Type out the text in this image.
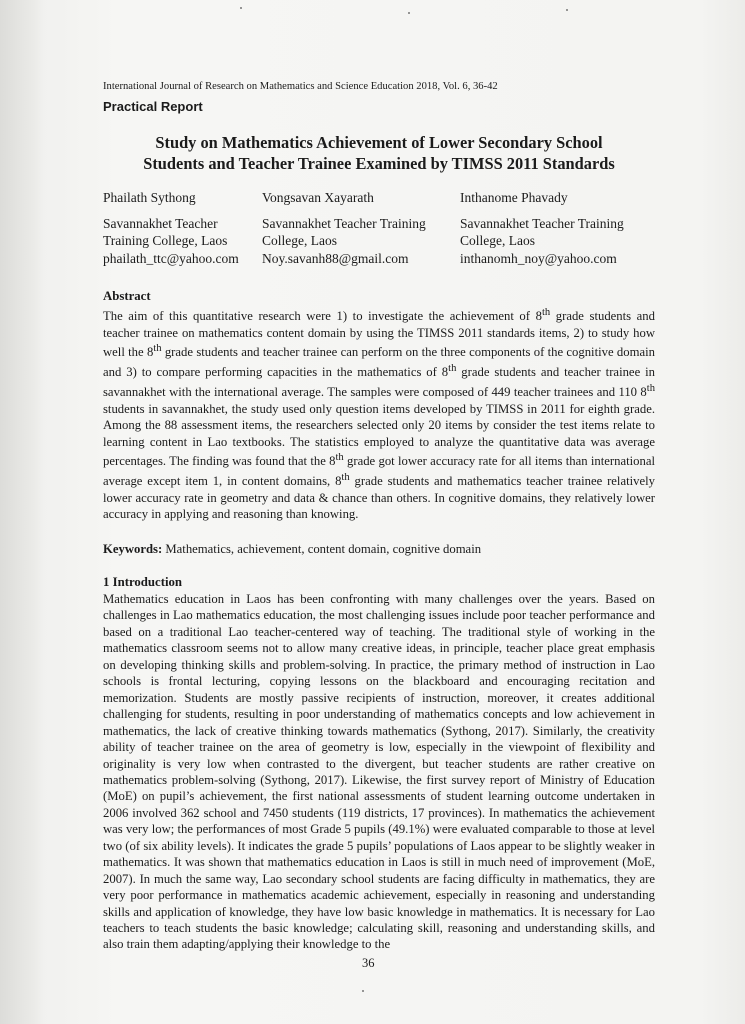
International Journal of Research on Mathematics and Science Education 2018, Vol. 6, 36-42
Practical Report
Study on Mathematics Achievement of Lower Secondary School
Students and Teacher Trainee Examined by TIMSS 2011 Standards
Phailath Sythong
Savannakhet Teacher
Training College, Laos
phailath_ttc@yahoo.com
Vongsavan Xayarath
Savannakhet Teacher Training
College, Laos
Noy.savanh88@gmail.com
Inthanome Phavady
Savannakhet Teacher Training
College, Laos
inthanomh_noy@yahoo.com
Abstract

The aim of this quantitative research were 1) to investigate the achievement of 8th grade students and teacher trainee on mathematics content domain by using the TIMSS 2011 standards items, 2) to study how well the 8th grade students and teacher trainee can perform on the three components of the cognitive domain and 3) to compare performing capacities in the mathematics of 8th grade students and teacher trainee in savannakhet with the international average. The samples were composed of 449 teacher trainees and 110 8th students in savannakhet, the study used only question items developed by TIMSS in 2011 for eighth grade. Among the 88 assessment items, the researchers selected only 20 items by consider the test items relate to learning content in Lao textbooks. The statistics employed to analyze the quantitative data was average percentages. The finding was found that the 8th grade got lower accuracy rate for all items than international average except item 1, in content domains, 8th grade students and mathematics teacher trainee relatively lower accuracy rate in geometry and data & chance than others. In cognitive domains, they relatively lower accuracy in applying and reasoning than knowing.

Keywords: Mathematics, achievement, content domain, cognitive domain
1 Introduction

Mathematics education in Laos has been confronting with many challenges over the years. Based on challenges in Lao mathematics education, the most challenging issues include poor teacher performance and based on a traditional Lao teacher-centered way of teaching. The traditional style of working in the mathematics classroom seems not to allow many creative ideas, in principle, teacher place great emphasis on developing thinking skills and problem-solving. In practice, the primary method of instruction in Lao schools is frontal lecturing, copying lessons on the blackboard and encouraging recitation and memorization. Students are mostly passive recipients of instruction, moreover, it creates additional challenging for students, resulting in poor understanding of mathematics concepts and low achievement in mathematics, the lack of creative thinking towards mathematics (Sythong, 2017). Similarly, the creativity ability of teacher trainee on the area of geometry is low, especially in the viewpoint of flexibility and originality is very low when contrasted to the divergent, but teacher students are rather creative on mathematics problem-solving (Sythong, 2017). Likewise, the first survey report of Ministry of Education (MoE) on pupil’s achievement, the first national assessments of student learning outcome undertaken in 2006 involved 362 school and 7450 students (119 districts, 17 provinces). In mathematics the achievement was very low; the performances of most Grade 5 pupils (49.1%) were evaluated comparable to those at level two (of six ability levels). It indicates the grade 5 pupils’ populations of Laos appear to be slightly weaker in mathematics. It was shown that mathematics education in Laos is still in much need of improvement (MoE, 2007). In much the same way, Lao secondary school students are facing difficulty in mathematics, they are very poor performance in mathematics academic achievement, especially in reasoning and understanding skills and application of knowledge, they have low basic knowledge in mathematics. It is necessary for Lao teachers to teach students the basic knowledge; calculating skill, reasoning and understanding skills, and also train them adapting/applying their knowledge to the

36
